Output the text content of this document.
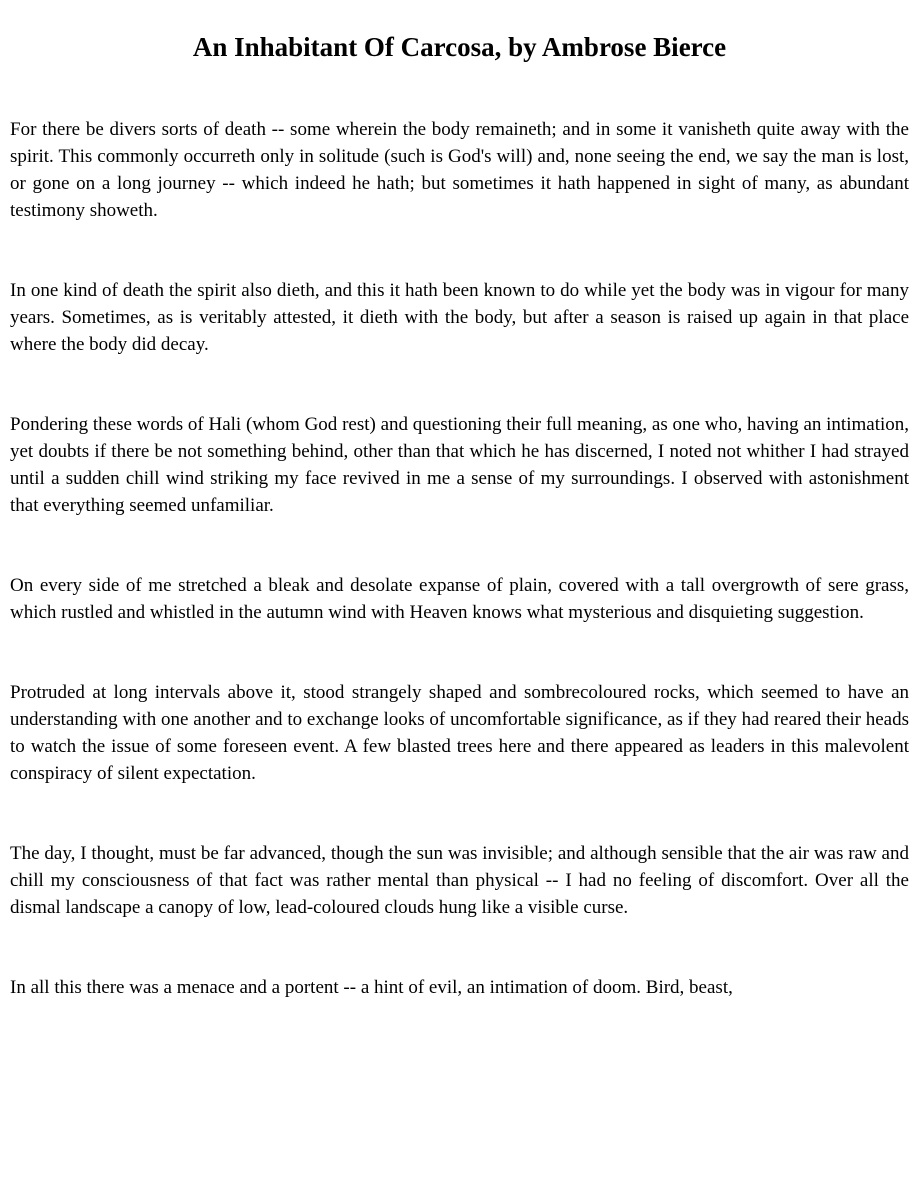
An Inhabitant Of Carcosa, by Ambrose Bierce

For there be divers sorts of death -- some wherein the body remaineth; and in some it vanisheth quite away with the spirit. This commonly occurreth only in solitude (such is God's will) and, none seeing the end, we say the man is lost, or gone on a long journey -- which indeed he hath; but sometimes it hath happened in sight of many, as abundant testimony showeth.

In one kind of death the spirit also dieth, and this it hath been known to do while yet the body was in vigour for many years. Sometimes, as is veritably attested, it dieth with the body, but after a season is raised up again in that place where the body did decay.

Pondering these words of Hali (whom God rest) and questioning their full meaning, as one who, having an intimation, yet doubts if there be not something behind, other than that which he has discerned, I noted not whither I had strayed until a sudden chill wind striking my face revived in me a sense of my surroundings. I observed with astonishment that everything seemed unfamiliar.

On every side of me stretched a bleak and desolate expanse of plain, covered with a tall overgrowth of sere grass, which rustled and whistled in the autumn wind with Heaven knows what mysterious and disquieting suggestion.

Protruded at long intervals above it, stood strangely shaped and sombrecoloured rocks, which seemed to have an understanding with one another and to exchange looks of uncomfortable significance, as if they had reared their heads to watch the issue of some foreseen event. A few blasted trees here and there appeared as leaders in this malevolent conspiracy of silent expectation.

The day, I thought, must be far advanced, though the sun was invisible; and although sensible that the air was raw and chill my consciousness of that fact was rather mental than physical -- I had no feeling of discomfort. Over all the dismal landscape a canopy of low, lead-coloured clouds hung like a visible curse.

In all this there was a menace and a portent -- a hint of evil, an intimation of doom. Bird, beast,
